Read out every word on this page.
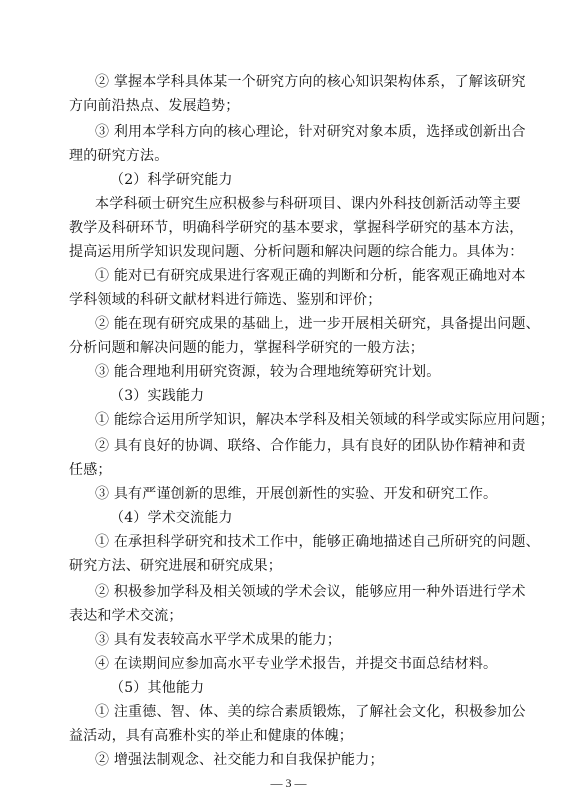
② 掌握本学科具体某一个研究方向的核心知识架构体系，了解该研究
方向前沿热点、发展趋势；
③ 利用本学科方向的核心理论，针对研究对象本质，选择或创新出合
理的研究方法。
（2）科学研究能力
本学科硕士研究生应积极参与科研项目、课内外科技创新活动等主要
教学及科研环节，明确科学研究的基本要求，掌握科学研究的基本方法，
提高运用所学知识发现问题、分析问题和解决问题的综合能力。具体为：
① 能对已有研究成果进行客观正确的判断和分析，能客观正确地对本
学科领域的科研文献材料进行筛选、鉴别和评价；
② 能在现有研究成果的基础上，进一步开展相关研究，具备提出问题、
分析问题和解决问题的能力，掌握科学研究的一般方法；
③ 能合理地利用研究资源，较为合理地统筹研究计划。
（3）实践能力
① 能综合运用所学知识，解决本学科及相关领域的科学或实际应用问题；
② 具有良好的协调、联络、合作能力，具有良好的团队协作精神和责
任感；
③ 具有严谨创新的思维，开展创新性的实验、开发和研究工作。
（4）学术交流能力
① 在承担科学研究和技术工作中，能够正确地描述自己所研究的问题、
研究方法、研究进展和研究成果；
② 积极参加学科及相关领域的学术会议，能够应用一种外语进行学术
表达和学术交流；
③ 具有发表较高水平学术成果的能力；
④ 在读期间应参加高水平专业学术报告，并提交书面总结材料。
（5）其他能力
① 注重德、智、体、美的综合素质锻炼，了解社会文化，积极参加公
益活动，具有高雅朴实的举止和健康的体魄；
② 增强法制观念、社交能力和自我保护能力；
— 3 —
